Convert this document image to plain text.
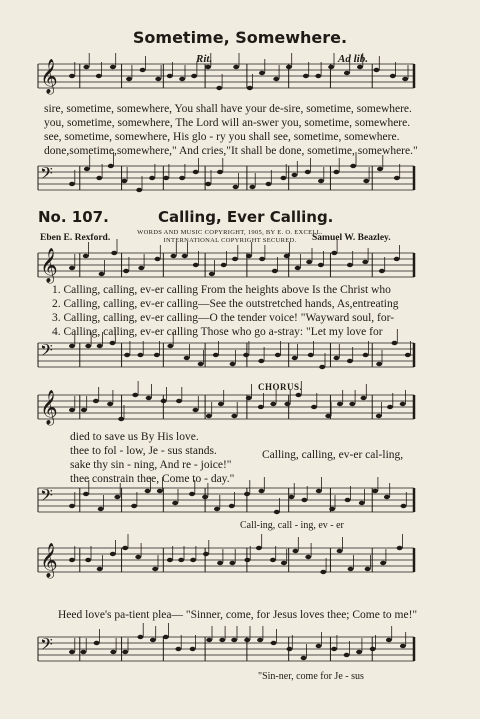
𝄞
𝄢
𝄞
𝄢
𝄞
𝄢
𝄞
𝄢
Sometime, Somewhere.
Rit.	Ad lib.
sire, sometime, somewhere, You shall have your de-sire, sometime, somewhere.
you, sometime, somewhere, The Lord will an-swer you, sometime, somewhere.
see, sometime, somewhere, His glo - ry you shall see, sometime, somewhere.
done,sometime,somewhere," And cries,"It shall be done, sometime, somewhere."
No. 107.	Calling, Ever Calling.
WORDS AND MUSIC COPYRIGHT, 1905, BY E. O. EXCELL.
INTERNATIONAL COPYRIGHT SECURED.
Eben E. Rexford.	Samuel W. Beazley.
1. Calling, calling, ev-er calling From the heights above Is the Christ who
2. Calling, calling, ev-er calling—See the outstretched hands, As,entreating
3. Calling, calling, ev-er calling—O the tender voice! "Wayward soul, for-
4. Calling, calling, ev-er calling Those who go a-stray: "Let my love for
CHORUS.
died to save us By His love.
thee to fol - low, Je - sus stands.
sake thy sin - ning, And re - joice!"
thee constrain thee, Come to - day."
Calling, calling, ev-er cal-ling,
Call-ing, call - ing, ev - er
Heed love's pa-tient plea— "Sinner, come, for Jesus loves thee; Come to me!"
"Sin-ner, come for Je - sus
